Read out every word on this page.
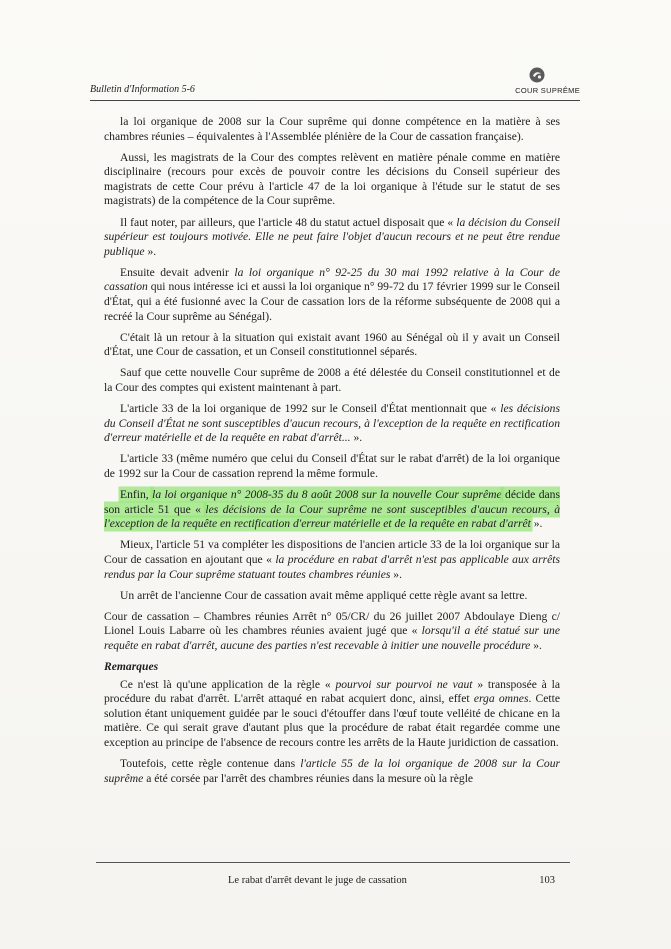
Bulletin d'Information 5-6	COUR SUPRÊME

la loi organique de 2008 sur la Cour suprême qui donne compétence en la matière à ses chambres réunies – équivalentes à l'Assemblée plénière de la Cour de cassation française).

Aussi, les magistrats de la Cour des comptes relèvent en matière pénale comme en matière disciplinaire (recours pour excès de pouvoir contre les décisions du Conseil supérieur des magistrats de cette Cour prévu à l'article 47 de la loi organique à l'étude sur le statut de ses magistrats) de la compétence de la Cour suprême.

Il faut noter, par ailleurs, que l'article 48 du statut actuel disposait que « la décision du Conseil supérieur est toujours motivée. Elle ne peut faire l'objet d'aucun recours et ne peut être rendue publique ».

Ensuite devait advenir la loi organique n° 92-25 du 30 mai 1992 relative à la Cour de cassation qui nous intéresse ici et aussi la loi organique n° 99-72 du 17 février 1999 sur le Conseil d'État, qui a été fusionné avec la Cour de cassation lors de la réforme subséquente de 2008 qui a recréé la Cour suprême au Sénégal).

C'était là un retour à la situation qui existait avant 1960 au Sénégal où il y avait un Conseil d'État, une Cour de cassation, et un Conseil constitutionnel séparés.

Sauf que cette nouvelle Cour suprême de 2008 a été délestée du Conseil constitutionnel et de la Cour des comptes qui existent maintenant à part.

L'article 33 de la loi organique de 1992 sur le Conseil d'État mentionnait que « les décisions du Conseil d'État ne sont susceptibles d'aucun recours, à l'exception de la requête en rectification d'erreur matérielle et de la requête en rabat d'arrêt... ».

L'article 33 (même numéro que celui du Conseil d'État sur le rabat d'arrêt) de la loi organique de 1992 sur la Cour de cassation reprend la même formule.

Enfin, la loi organique n° 2008-35 du 8 août 2008 sur la nouvelle Cour suprême décide dans son article 51 que « les décisions de la Cour suprême ne sont susceptibles d'aucun recours, à l'exception de la requête en rectification d'erreur matérielle et de la requête en rabat d'arrêt ».

Mieux, l'article 51 va compléter les dispositions de l'ancien article 33 de la loi organique sur la Cour de cassation en ajoutant que « la procédure en rabat d'arrêt n'est pas applicable aux arrêts rendus par la Cour suprême statuant toutes chambres réunies ».

Un arrêt de l'ancienne Cour de cassation avait même appliqué cette règle avant sa lettre.

Cour de cassation – Chambres réunies Arrêt n° 05/CR/ du 26 juillet 2007 Abdoulaye Dieng c/ Lionel Louis Labarre où les chambres réunies avaient jugé que « lorsqu'il a été statué sur une requête en rabat d'arrêt, aucune des parties n'est recevable à initier une nouvelle procédure ».

Remarques

Ce n'est là qu'une application de la règle « pourvoi sur pourvoi ne vaut » transposée à la procédure du rabat d'arrêt. L'arrêt attaqué en rabat acquiert donc, ainsi, effet erga omnes. Cette solution étant uniquement guidée par le souci d'étouffer dans l'œuf toute velléité de chicane en la matière. Ce qui serait grave d'autant plus que la procédure de rabat était regardée comme une exception au principe de l'absence de recours contre les arrêts de la Haute juridiction de cassation.

Toutefois, cette règle contenue dans l'article 55 de la loi organique de 2008 sur la Cour suprême a été corsée par l'arrêt des chambres réunies dans la mesure où la règle

Le rabat d'arrêt devant le juge de cassation	103
